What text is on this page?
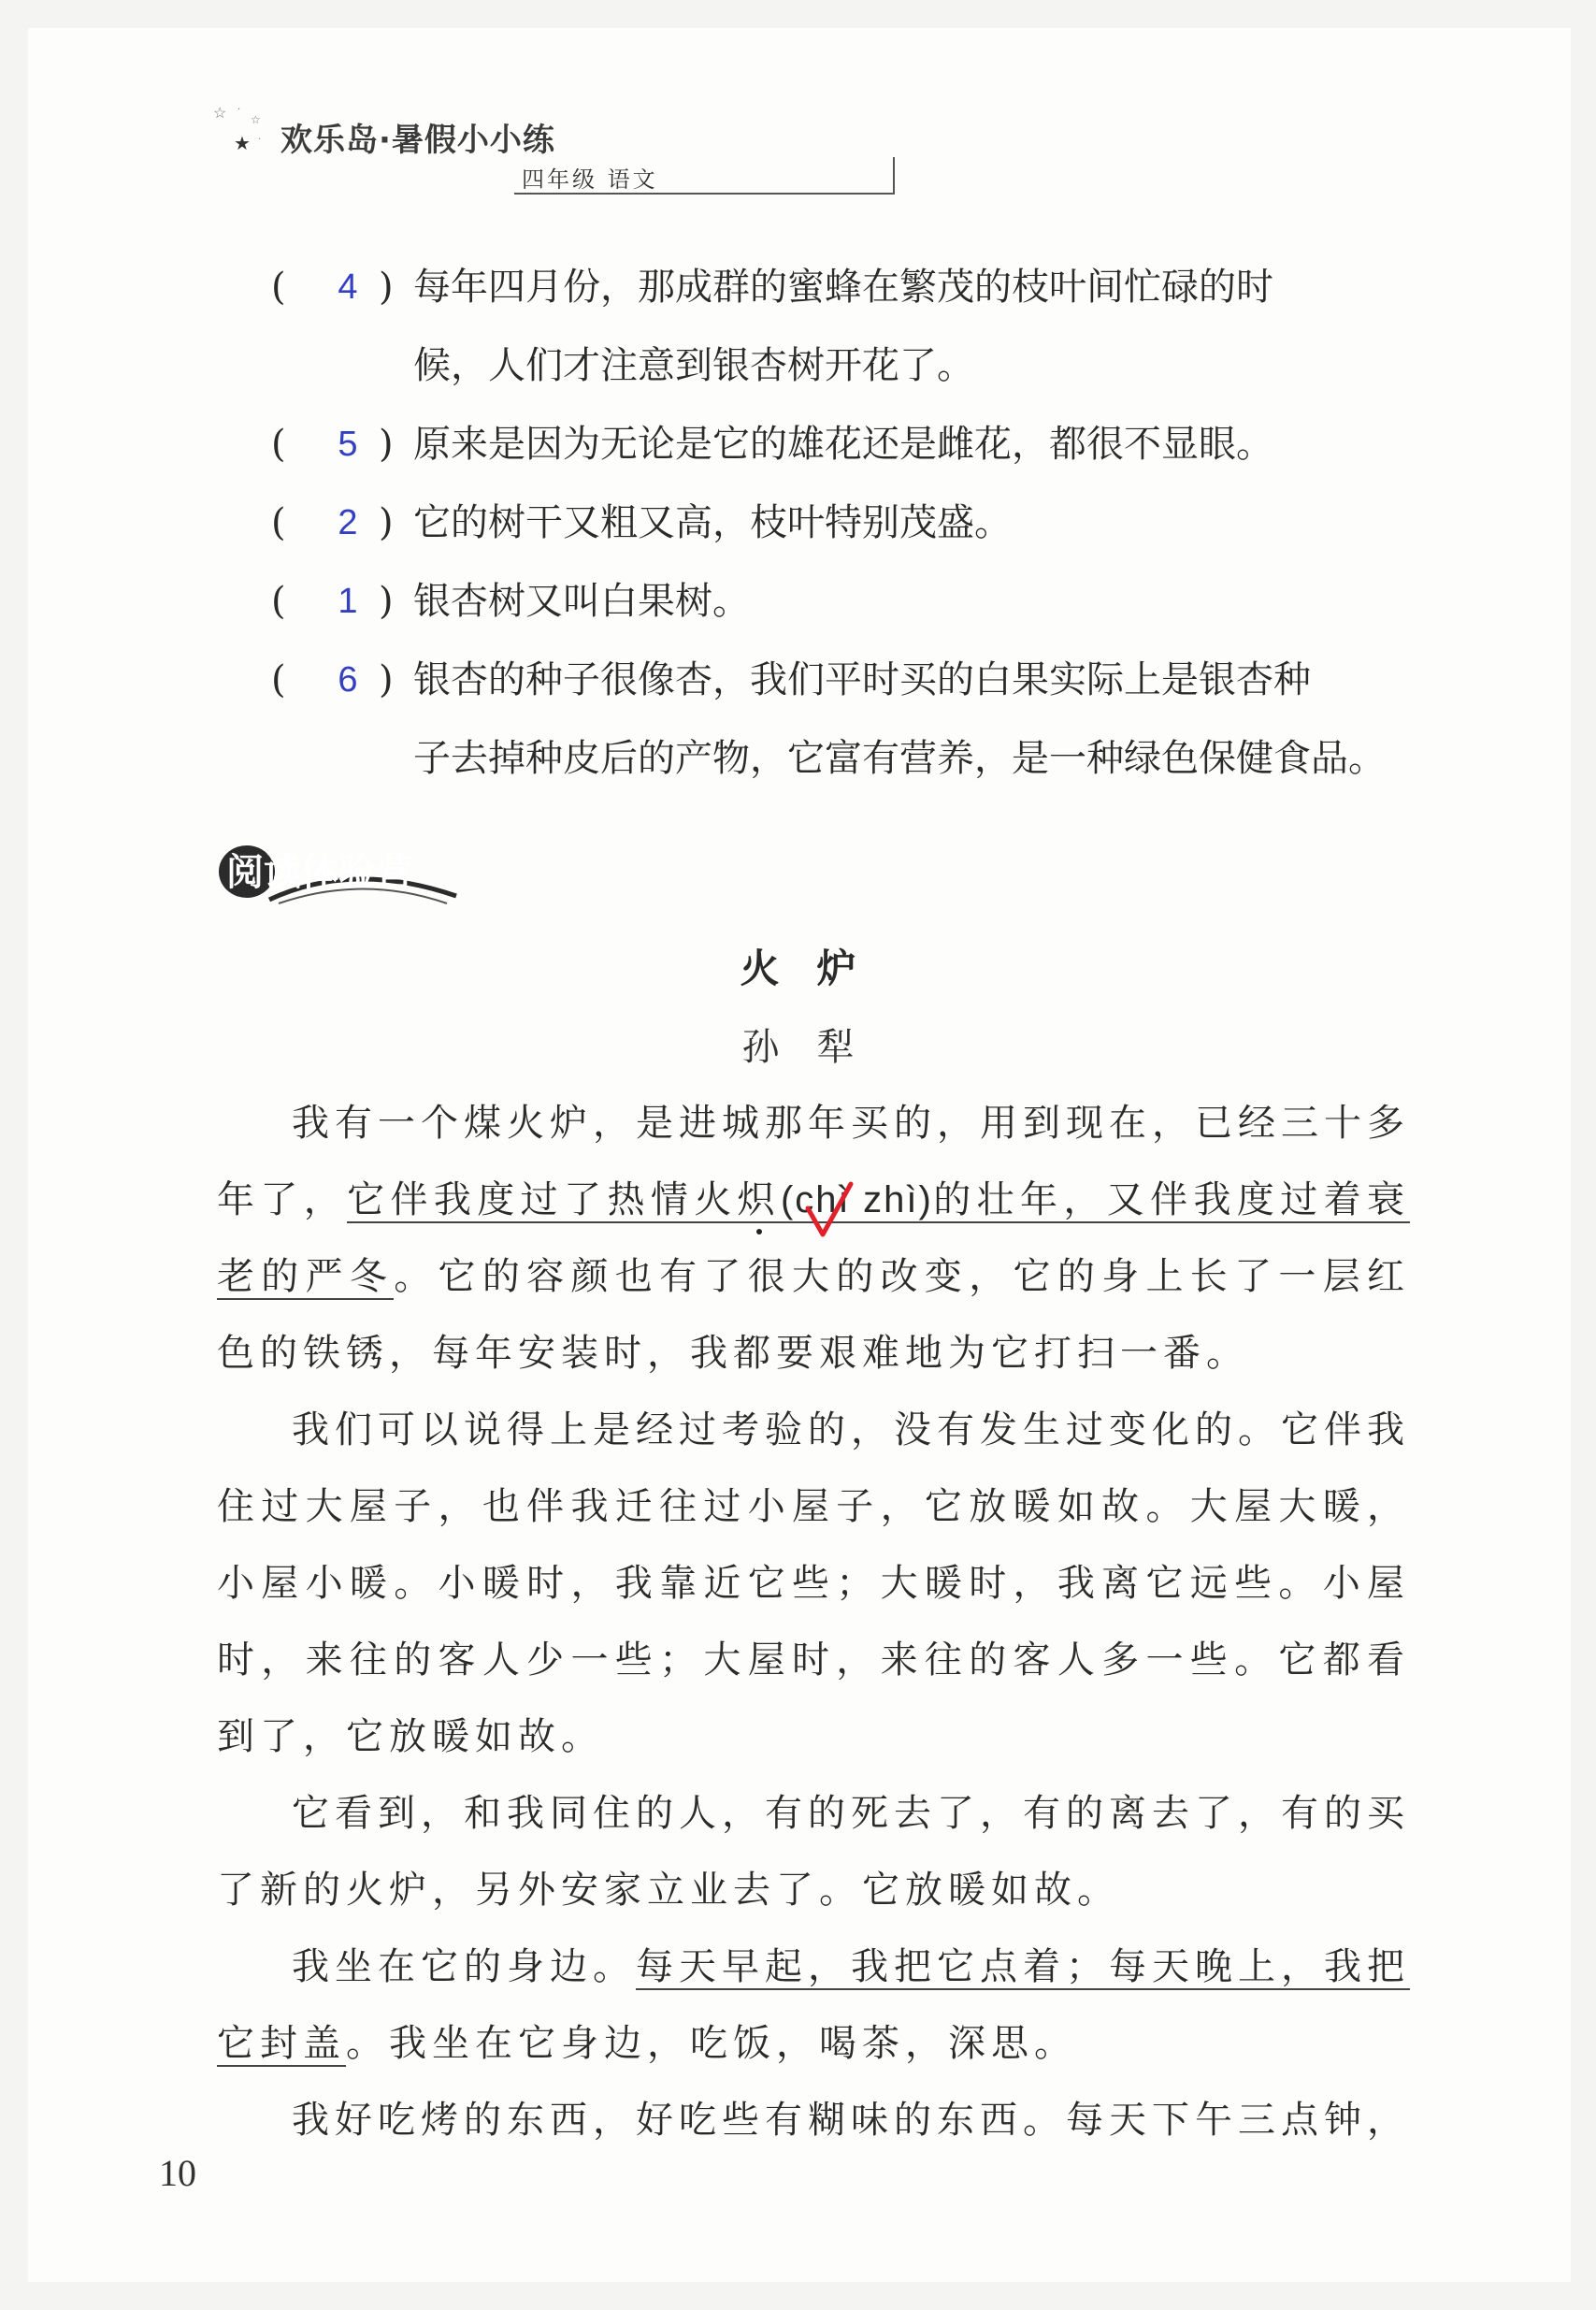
☆ ·
☆
★ · 欢乐岛·暑假小小练
四年级 语文
( 4 ) 每年四月份，那成群的蜜蜂在繁茂的枝叶间忙碌的时
候，人们才注意到银杏树开花了。
( 5 ) 原来是因为无论是它的雄花还是雌花，都很不显眼。
( 2 ) 它的树干又粗又高，枝叶特别茂盛。
( 1 ) 银杏树又叫白果树。
( 6 ) 银杏的种子很像杏，我们平时买的白果实际上是银杏种
子去掉种皮后的产物，它富有营养，是一种绿色保健食品。
阅读体验营
火炉
孙犁

我有一个煤火炉，是进城那年买的，用到现在，已经三十多年了，它伴我度过了热情火炽(chì zhì)的壮年，又伴我度过着衰老的严冬。它的容颜也有了很大的改变，它的身上长了一层红色的铁锈，每年安装时，我都要艰难地为它打扫一番。

我们可以说得上是经过考验的，没有发生过变化的。它伴我住过大屋子，也伴我迁往过小屋子，它放暖如故。大屋大暖，小屋小暖。小暖时，我靠近它些；大暖时，我离它远些。小屋时，来往的客人少一些；大屋时，来往的客人多一些。它都看到了，它放暖如故。

它看到，和我同住的人，有的死去了，有的离去了，有的买了新的火炉，另外安家立业去了。它放暖如故。

我坐在它的身边。每天早起，我把它点着；每天晚上，我把它封盖。我坐在它身边，吃饭，喝茶，深思。

我好吃烤的东西，好吃些有糊味的东西。每天下午三点钟，

10
